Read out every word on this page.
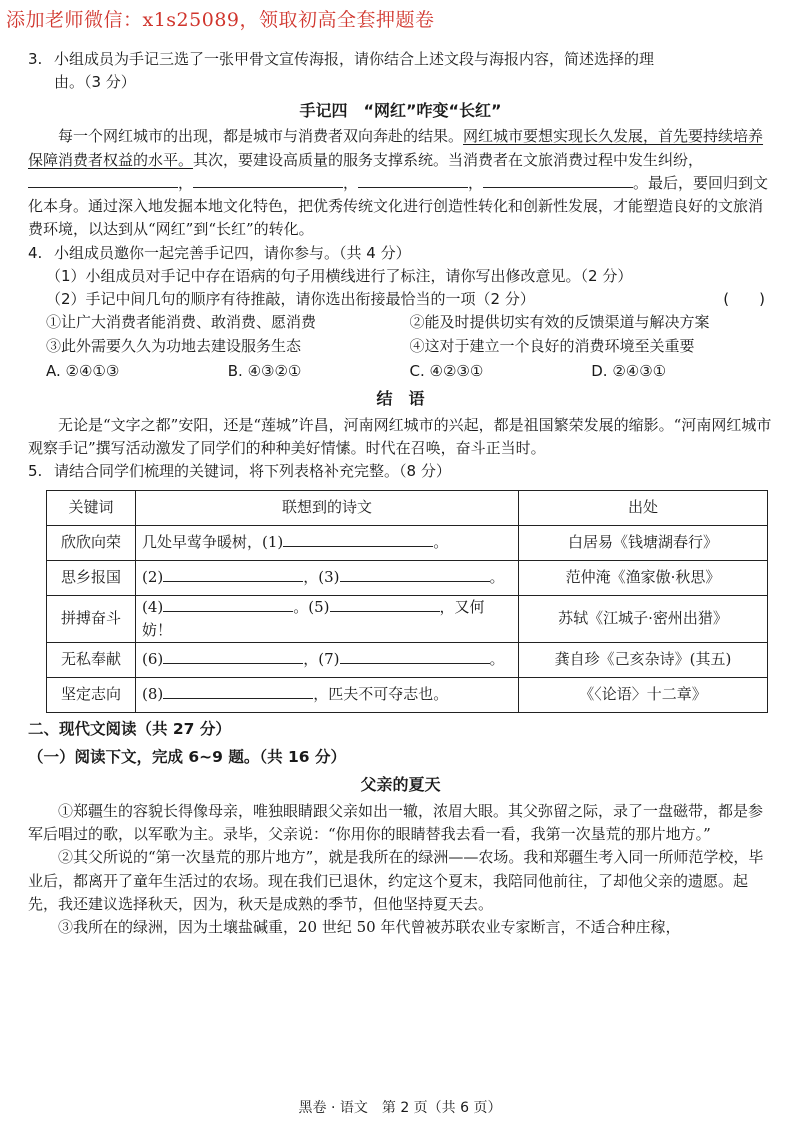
添加老师微信：x1s25089，领取初高全套押题卷

3. 小组成员为手记三选了一张甲骨文宣传海报，请你结合上述文段与海报内容，简述选择的理

由。（3 分）

手记四　“网红”咋变“长红”

每一个网红城市的出现，都是城市与消费者双向奔赴的结果。网红城市要想实现长久发展，首先要持续培养保障消费者权益的水平。其次，要建设高质量的服务支撑系统。当消费者在文旅消费过程中发生纠纷，，	，	，	。最后，要回归到文化本身。通过深入地发掘本地文化特色，把优秀传统文化进行创造性转化和创新性发展，才能塑造良好的文旅消费环境，以达到从“网红”到“长红”的转化。

4. 小组成员邀你一起完善手记四，请你参与。（共 4 分）

（1）小组成员对手记中存在语病的句子用横线进行了标注，请你写出修改意见。（2 分）

（2）手记中间几句的顺序有待推敲，请你选出衔接最恰当的一项（2 分）	(　　)

①让广大消费者能消费、敢消费、愿消费	②能及时提供切实有效的反馈渠道与解决方案
③此外需要久久为功地去建设服务生态	④这对于建立一个良好的消费环境至关重要
A. ②④①③	B. ④③②①	C. ④②③①	D. ②④③①
结　语

无论是“文字之都”安阳，还是“莲城”许昌，河南网红城市的兴起，都是祖国繁荣发展的缩影。“河南网红城市观察手记”撰写活动激发了同学们的种种美好情愫。时代在召唤，奋斗正当时。

5. 请结合同学们梳理的关键词，将下列表格补充完整。（8 分）

关键词	联想到的诗文	出处
欣欣向荣	几处早莺争暖树，(1) 。	白居易《钱塘湖春行》
思乡报国	(2) ，(3) 。	范仲淹《渔家傲·秋思》
拼搏奋斗	(4) 。(5) ，又何妨！	苏轼《江城子·密州出猎》
无私奉献	(6) ，(7) 。	龚自珍《己亥杂诗》(其五)
坚定志向	(8) ，匹夫不可夺志也。	《〈论语〉十二章》

二、现代文阅读（共 27 分）

（一）阅读下文，完成 6~9 题。（共 16 分）

父亲的夏天

①郑疆生的容貌长得像母亲，唯独眼睛跟父亲如出一辙，浓眉大眼。其父弥留之际，录了一盘磁带，都是参军后唱过的歌，以军歌为主。录毕，父亲说：“你用你的眼睛替我去看一看，我第一次垦荒的那片地方。”

②其父所说的“第一次垦荒的那片地方”，就是我所在的绿洲——农场。我和郑疆生考入同一所师范学校，毕业后，都离开了童年生活过的农场。现在我们已退休，约定这个夏末，我陪同他前往，了却他父亲的遗愿。起先，我还建议选择秋天，因为，秋天是成熟的季节，但他坚持夏天去。

③我所在的绿洲，因为土壤盐碱重，20 世纪 50 年代曾被苏联农业专家断言，不适合种庄稼，

黑卷 · 语文　第 2 页（共 6 页）
